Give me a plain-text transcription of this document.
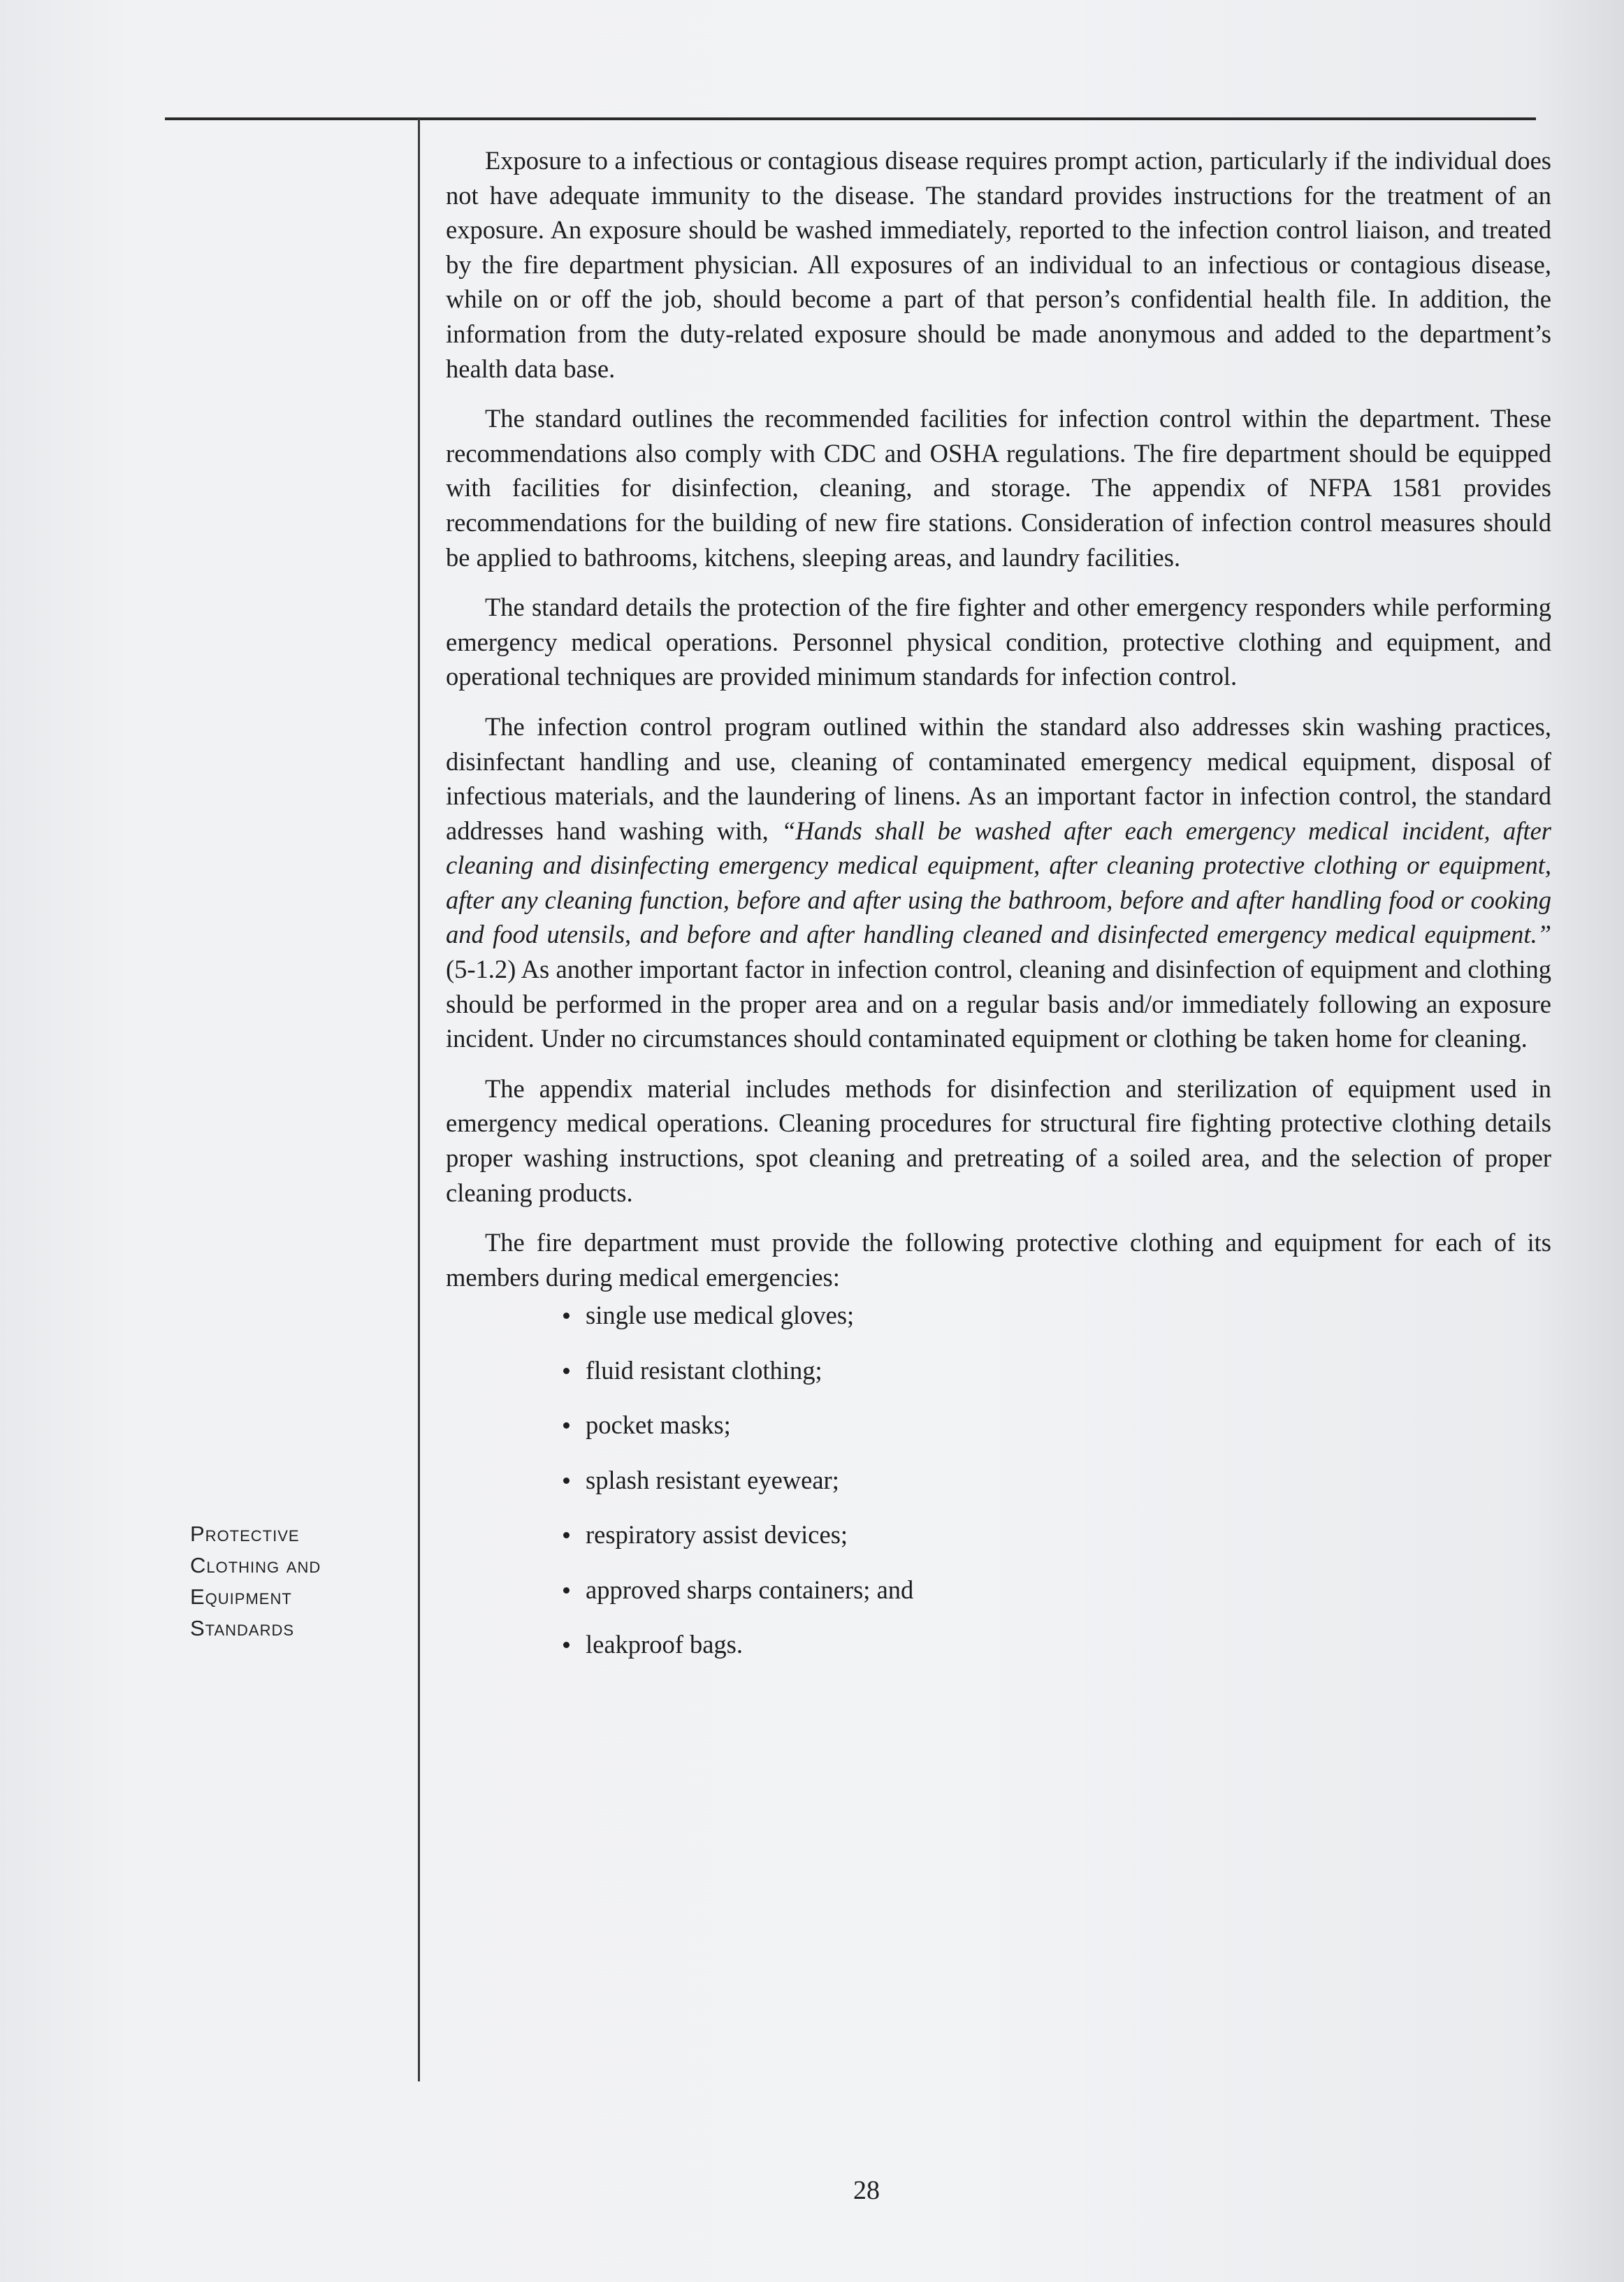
Exposure to a infectious or contagious disease requires prompt action, particularly if the individual does not have adequate immunity to the disease. The standard provides instructions for the treatment of an exposure. An exposure should be washed immediately, reported to the infection control liaison, and treated by the fire department physician. All exposures of an individual to an infectious or contagious disease, while on or off the job, should become a part of that person’s confidential health file. In addition, the information from the duty-related exposure should be made anonymous and added to the department’s health data base.

The standard outlines the recommended facilities for infection control within the department. These recommendations also comply with CDC and OSHA regulations. The fire department should be equipped with facilities for disinfection, cleaning, and storage. The appendix of NFPA 1581 provides recommendations for the building of new fire stations. Consideration of infection control measures should be applied to bathrooms, kitchens, sleeping areas, and laundry facilities.

The standard details the protection of the fire fighter and other emergency responders while performing emergency medical operations. Personnel physical condition, protective clothing and equipment, and operational techniques are provided minimum standards for infection control.

The infection control program outlined within the standard also addresses skin washing practices, disinfectant handling and use, cleaning of contaminated emergency medical equipment, disposal of infectious materials, and the laundering of linens. As an important factor in infection control, the standard addresses hand washing with, “Hands shall be washed after each emergency medical incident, after cleaning and disinfecting emergency medical equipment, after cleaning protective clothing or equipment, after any cleaning function, before and after using the bathroom, before and after handling food or cooking and food utensils, and before and after handling cleaned and disinfected emergency medical equipment.” (5-1.2) As another important factor in infection control, cleaning and disinfection of equipment and clothing should be performed in the proper area and on a regular basis and/or immediately following an exposure incident. Under no circumstances should contaminated equipment or clothing be taken home for cleaning.

The appendix material includes methods for disinfection and sterilization of equipment used in emergency medical operations. Cleaning procedures for structural fire fighting protective clothing details proper washing instructions, spot cleaning and pretreating of a soiled area, and the selection of proper cleaning products.

The fire department must provide the following protective clothing and equipment for each of its members during medical emergencies:

single use medical gloves;
fluid resistant clothing;
pocket masks;
splash resistant eyewear;
respiratory assist devices;
approved sharps containers; and
leakproof bags.
Protective
Clothing and
Equipment
Standards
28
